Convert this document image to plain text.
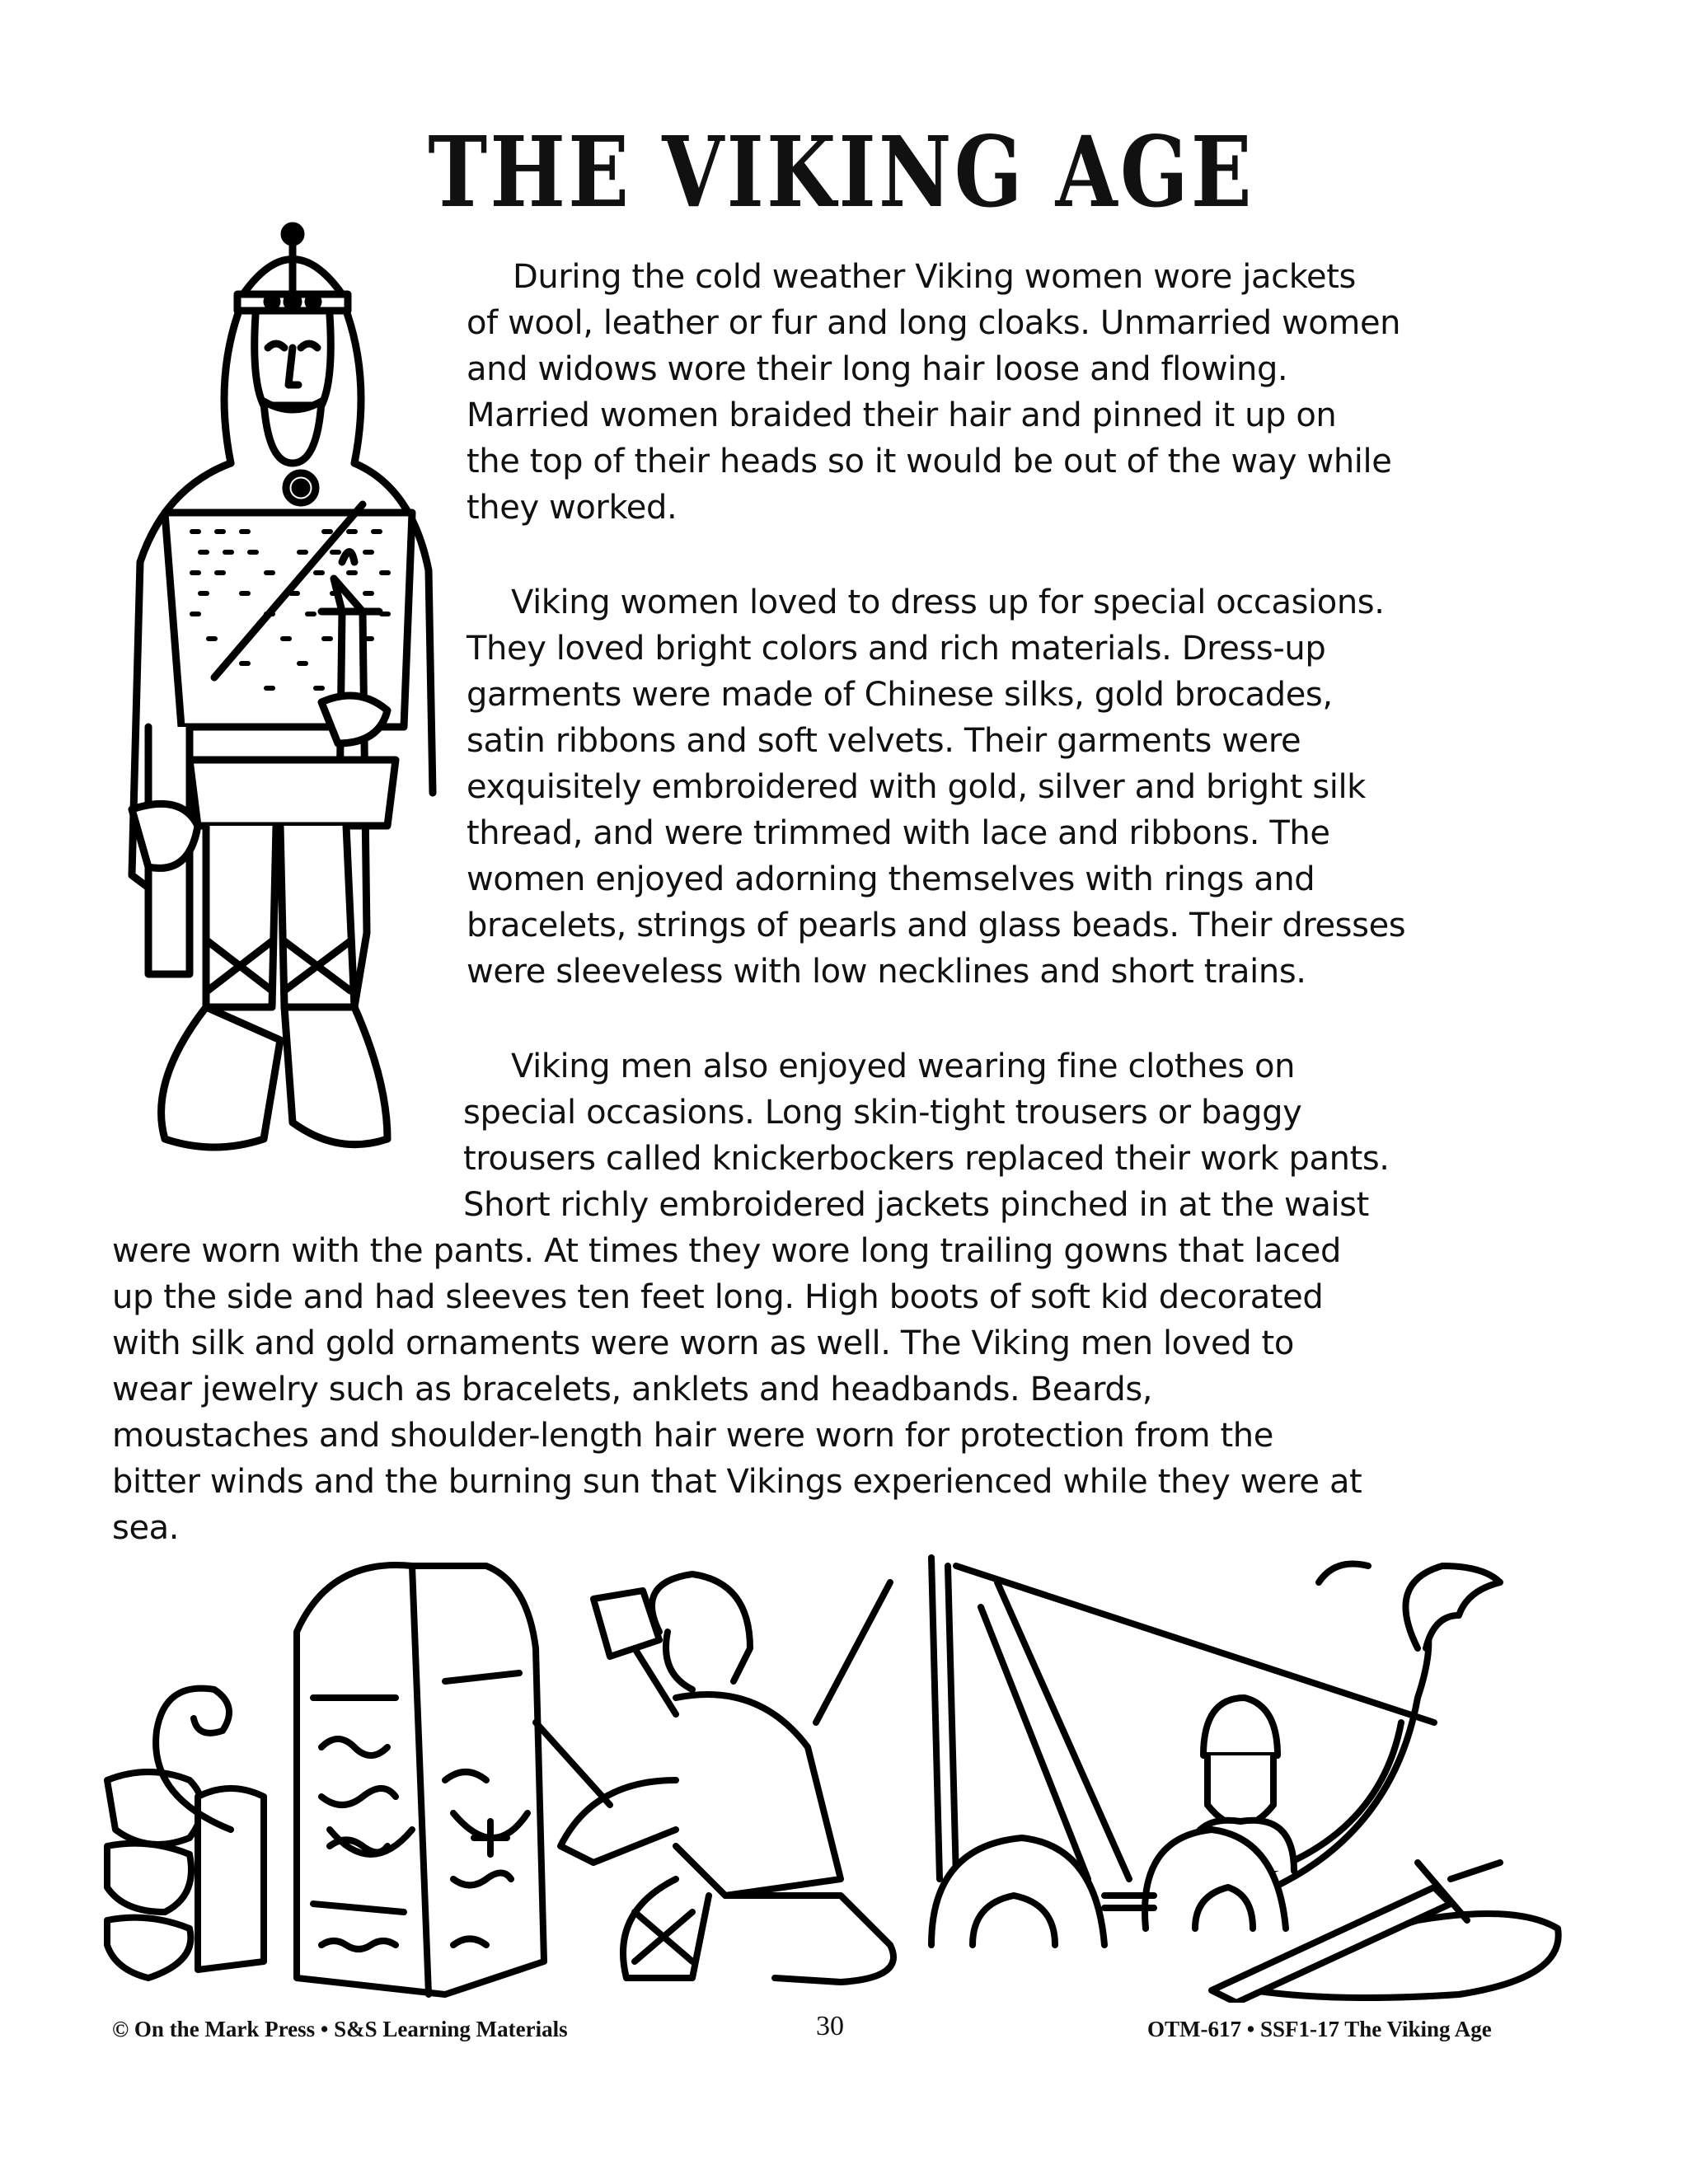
THE VIKING AGE
During the cold weather Viking women wore jackets
of wool, leather or fur and long cloaks. Unmarried women
and widows wore their long hair loose and flowing.
Married women braided their hair and pinned it up on
the top of their heads so it would be out of the way while
they worked.
Viking women loved to dress up for special occasions.
They loved bright colors and rich materials. Dress-up
garments were made of Chinese silks, gold brocades,
satin ribbons and soft velvets. Their garments were
exquisitely embroidered with gold, silver and bright silk
thread, and were trimmed with lace and ribbons. The
women enjoyed adorning themselves with rings and
bracelets, strings of pearls and glass beads. Their dresses
were sleeveless with low necklines and short trains.
Viking men also enjoyed wearing fine clothes on
special occasions. Long skin-tight trousers or baggy
trousers called knickerbockers replaced their work pants.
Short richly embroidered jackets pinched in at the waist
were worn with the pants. At times they wore long trailing gowns that laced
up the side and had sleeves ten feet long. High boots of soft kid decorated
with silk and gold ornaments were worn as well. The Viking men loved to
wear jewelry such as bracelets, anklets and headbands. Beards,
moustaches and shoulder-length hair were worn for protection from the
bitter winds and the burning sun that Vikings experienced while they were at
sea.
© On the Mark Press • S&S Learning Materials	30	OTM-617 • SSF1-17 The Viking Age
